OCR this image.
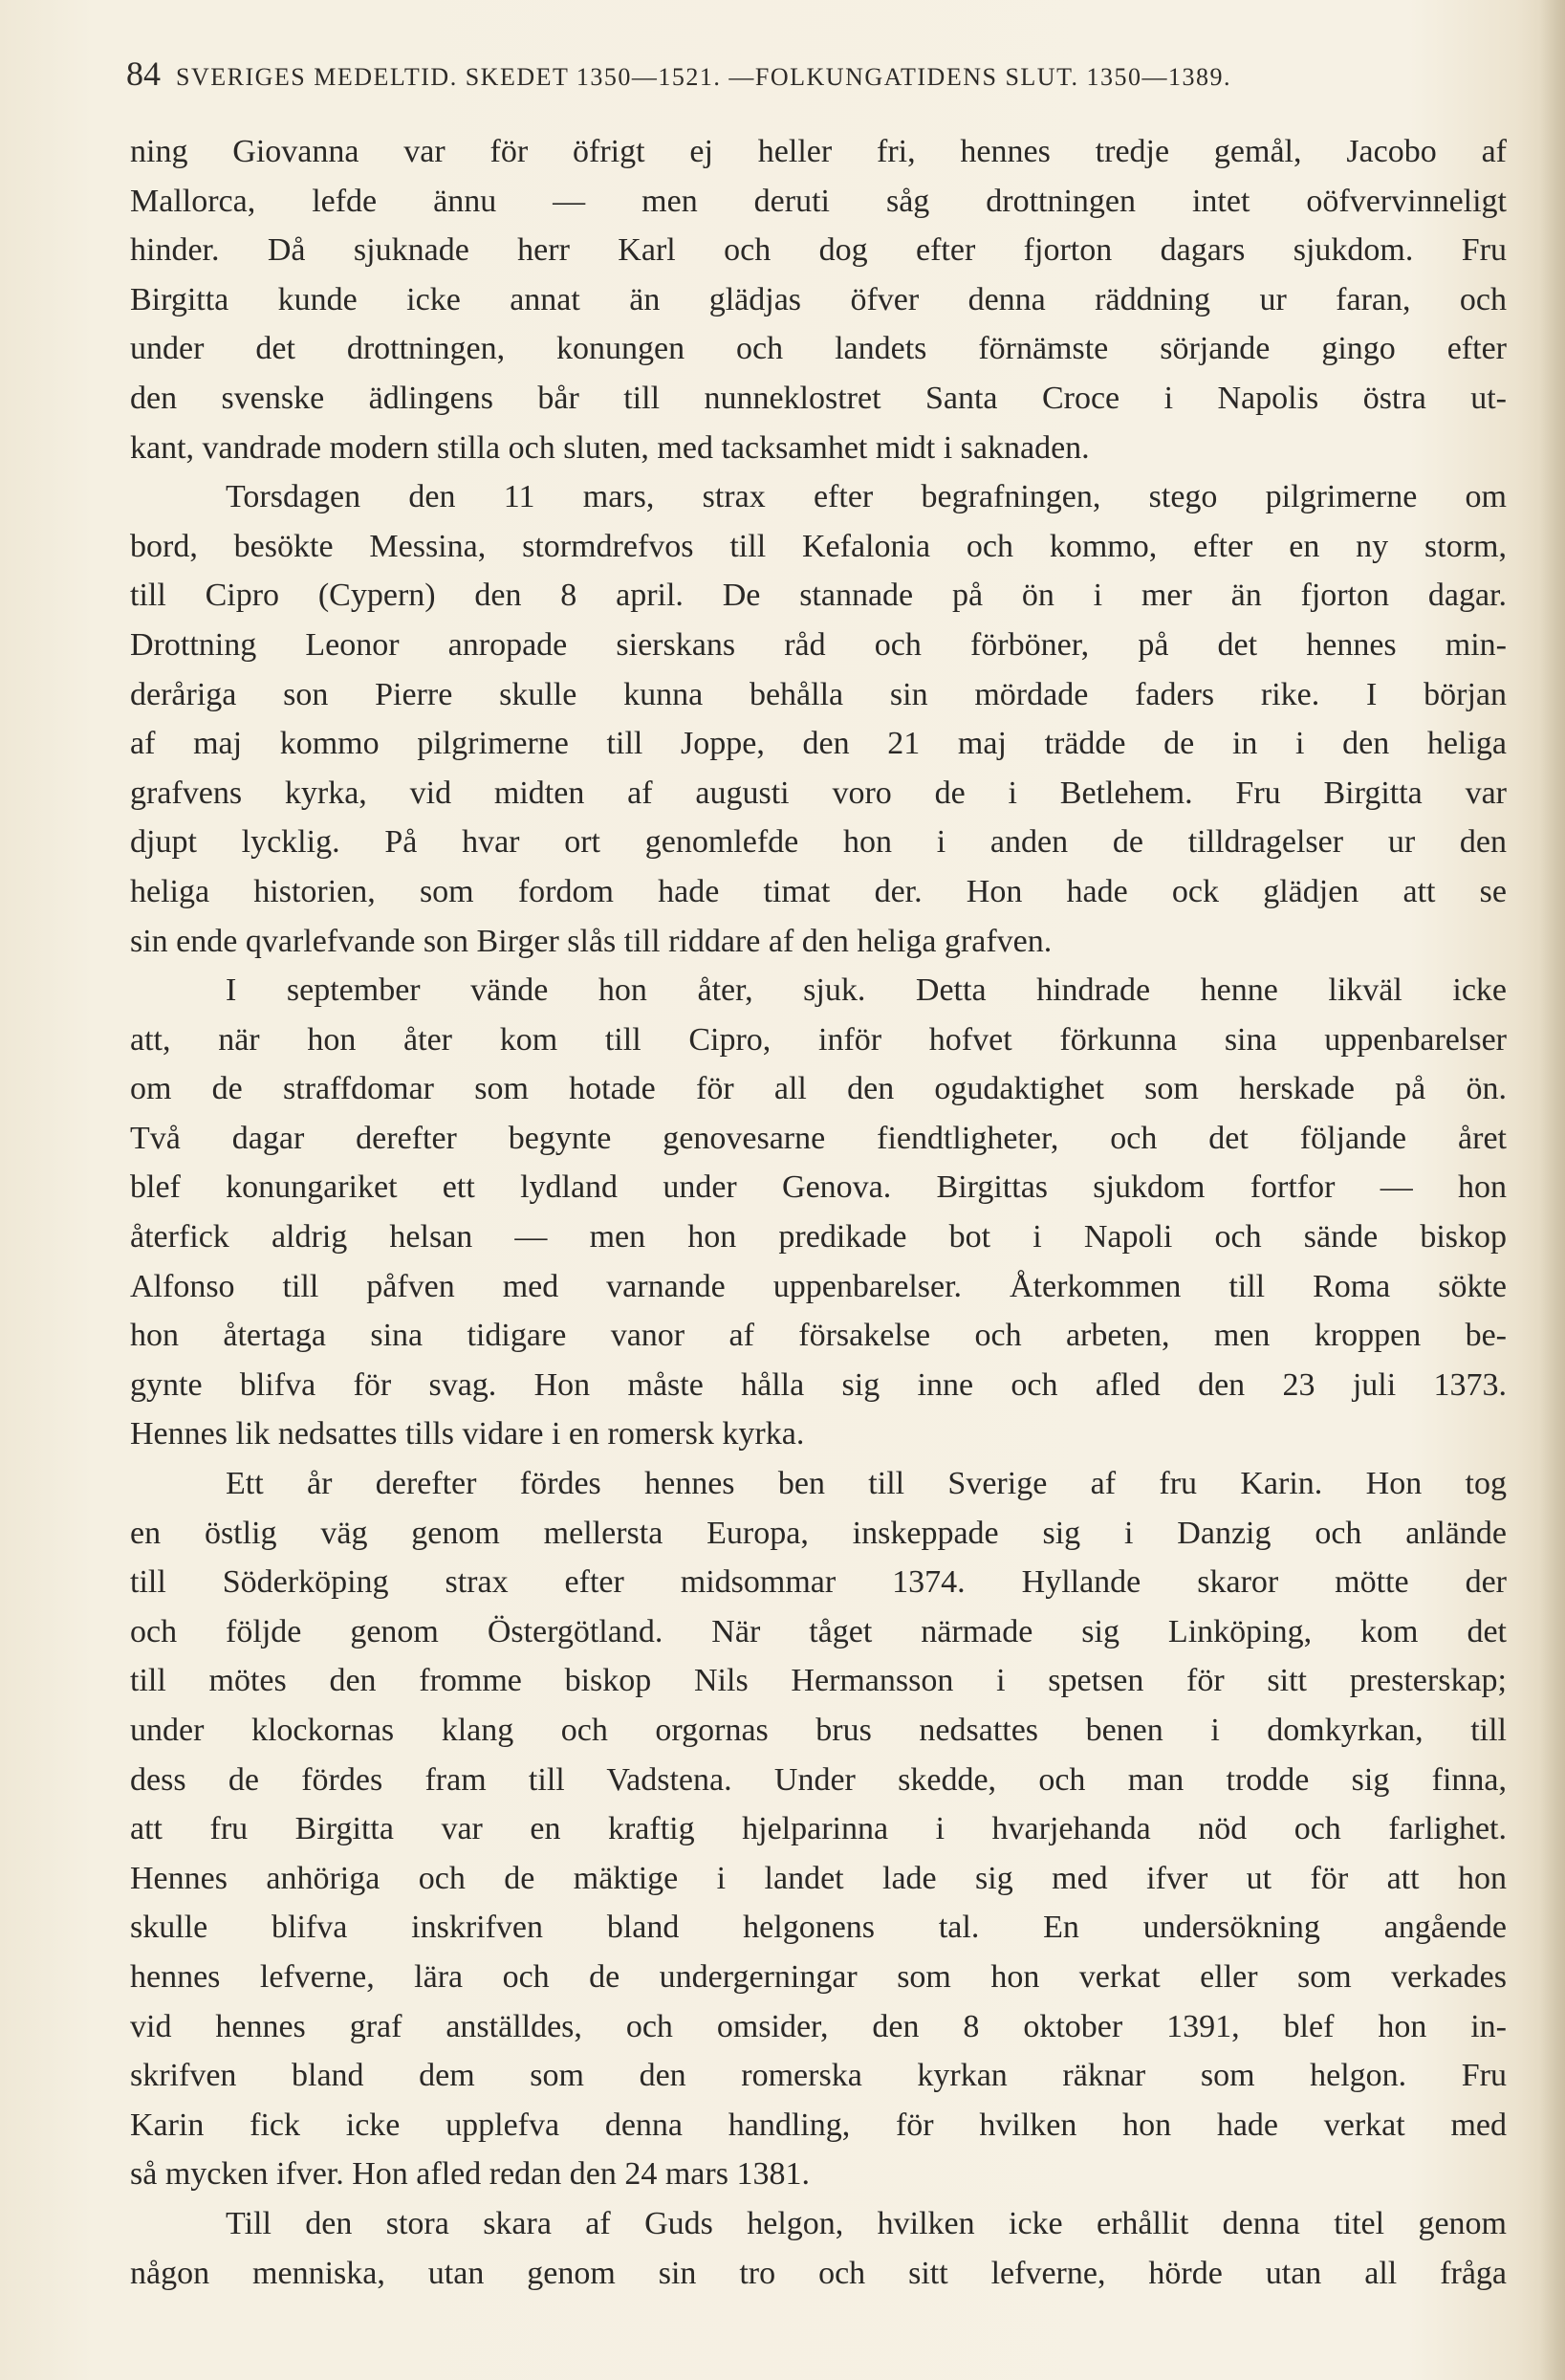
84 SVERIGES MEDELTID. SKEDET 1350—1521. —FOLKUNGATIDENS SLUT. 1350—1389.
ning Giovanna var för öfrigt ej heller fri, hennes tredje gemål, Jacobo af
Mallorca, lefde ännu — men deruti såg drottningen intet oöfvervinneligt
hinder. Då sjuknade herr Karl och dog efter fjorton dagars sjukdom. Fru
Birgitta kunde icke annat än glädjas öfver denna räddning ur faran, och
under det drottningen, konungen och landets förnämste sörjande gingo efter
den svenske ädlingens bår till nunneklostret Santa Croce i Napolis östra ut-
kant, vandrade modern stilla och sluten, med tacksamhet midt i saknaden.
Torsdagen den 11 mars, strax efter begrafningen, stego pilgrimerne om
bord, besökte Messina, stormdrefvos till Kefalonia och kommo, efter en ny storm,
till Cipro (Cypern) den 8 april. De stannade på ön i mer än fjorton dagar.
Drottning Leonor anropade sierskans råd och förböner, på det hennes min-
deråriga son Pierre skulle kunna behålla sin mördade faders rike. I början
af maj kommo pilgrimerne till Joppe, den 21 maj trädde de in i den heliga
grafvens kyrka, vid midten af augusti voro de i Betlehem. Fru Birgitta var
djupt lycklig. På hvar ort genomlefde hon i anden de tilldragelser ur den
heliga historien, som fordom hade timat der. Hon hade ock glädjen att se
sin ende qvarlefvande son Birger slås till riddare af den heliga grafven.
I september vände hon åter, sjuk. Detta hindrade henne likväl icke
att, när hon åter kom till Cipro, inför hofvet förkunna sina uppenbarelser
om de straffdomar som hotade för all den ogudaktighet som herskade på ön.
Två dagar derefter begynte genovesarne fiendtligheter, och det följande året
blef konungariket ett lydland under Genova. Birgittas sjukdom fortfor — hon
återfick aldrig helsan — men hon predikade bot i Napoli och sände biskop
Alfonso till påfven med varnande uppenbarelser. Återkommen till Roma sökte
hon återtaga sina tidigare vanor af försakelse och arbeten, men kroppen be-
gynte blifva för svag. Hon måste hålla sig inne och afled den 23 juli 1373.
Hennes lik nedsattes tills vidare i en romersk kyrka.
Ett år derefter fördes hennes ben till Sverige af fru Karin. Hon tog
en östlig väg genom mellersta Europa, inskeppade sig i Danzig och anlände
till Söderköping strax efter midsommar 1374. Hyllande skaror mötte der
och följde genom Östergötland. När tåget närmade sig Linköping, kom det
till mötes den fromme biskop Nils Hermansson i spetsen för sitt presterskap;
under klockornas klang och orgornas brus nedsattes benen i domkyrkan, till
dess de fördes fram till Vadstena. Under skedde, och man trodde sig finna,
att fru Birgitta var en kraftig hjelparinna i hvarjehanda nöd och farlighet.
Hennes anhöriga och de mäktige i landet lade sig med ifver ut för att hon
skulle blifva inskrifven bland helgonens tal. En undersökning angående
hennes lefverne, lära och de undergerningar som hon verkat eller som verkades
vid hennes graf anställdes, och omsider, den 8 oktober 1391, blef hon in-
skrifven bland dem som den romerska kyrkan räknar som helgon. Fru
Karin fick icke upplefva denna handling, för hvilken hon hade verkat med
så mycken ifver. Hon afled redan den 24 mars 1381.
Till den stora skara af Guds helgon, hvilken icke erhållit denna titel genom
någon menniska, utan genom sin tro och sitt lefverne, hörde utan all fråga
